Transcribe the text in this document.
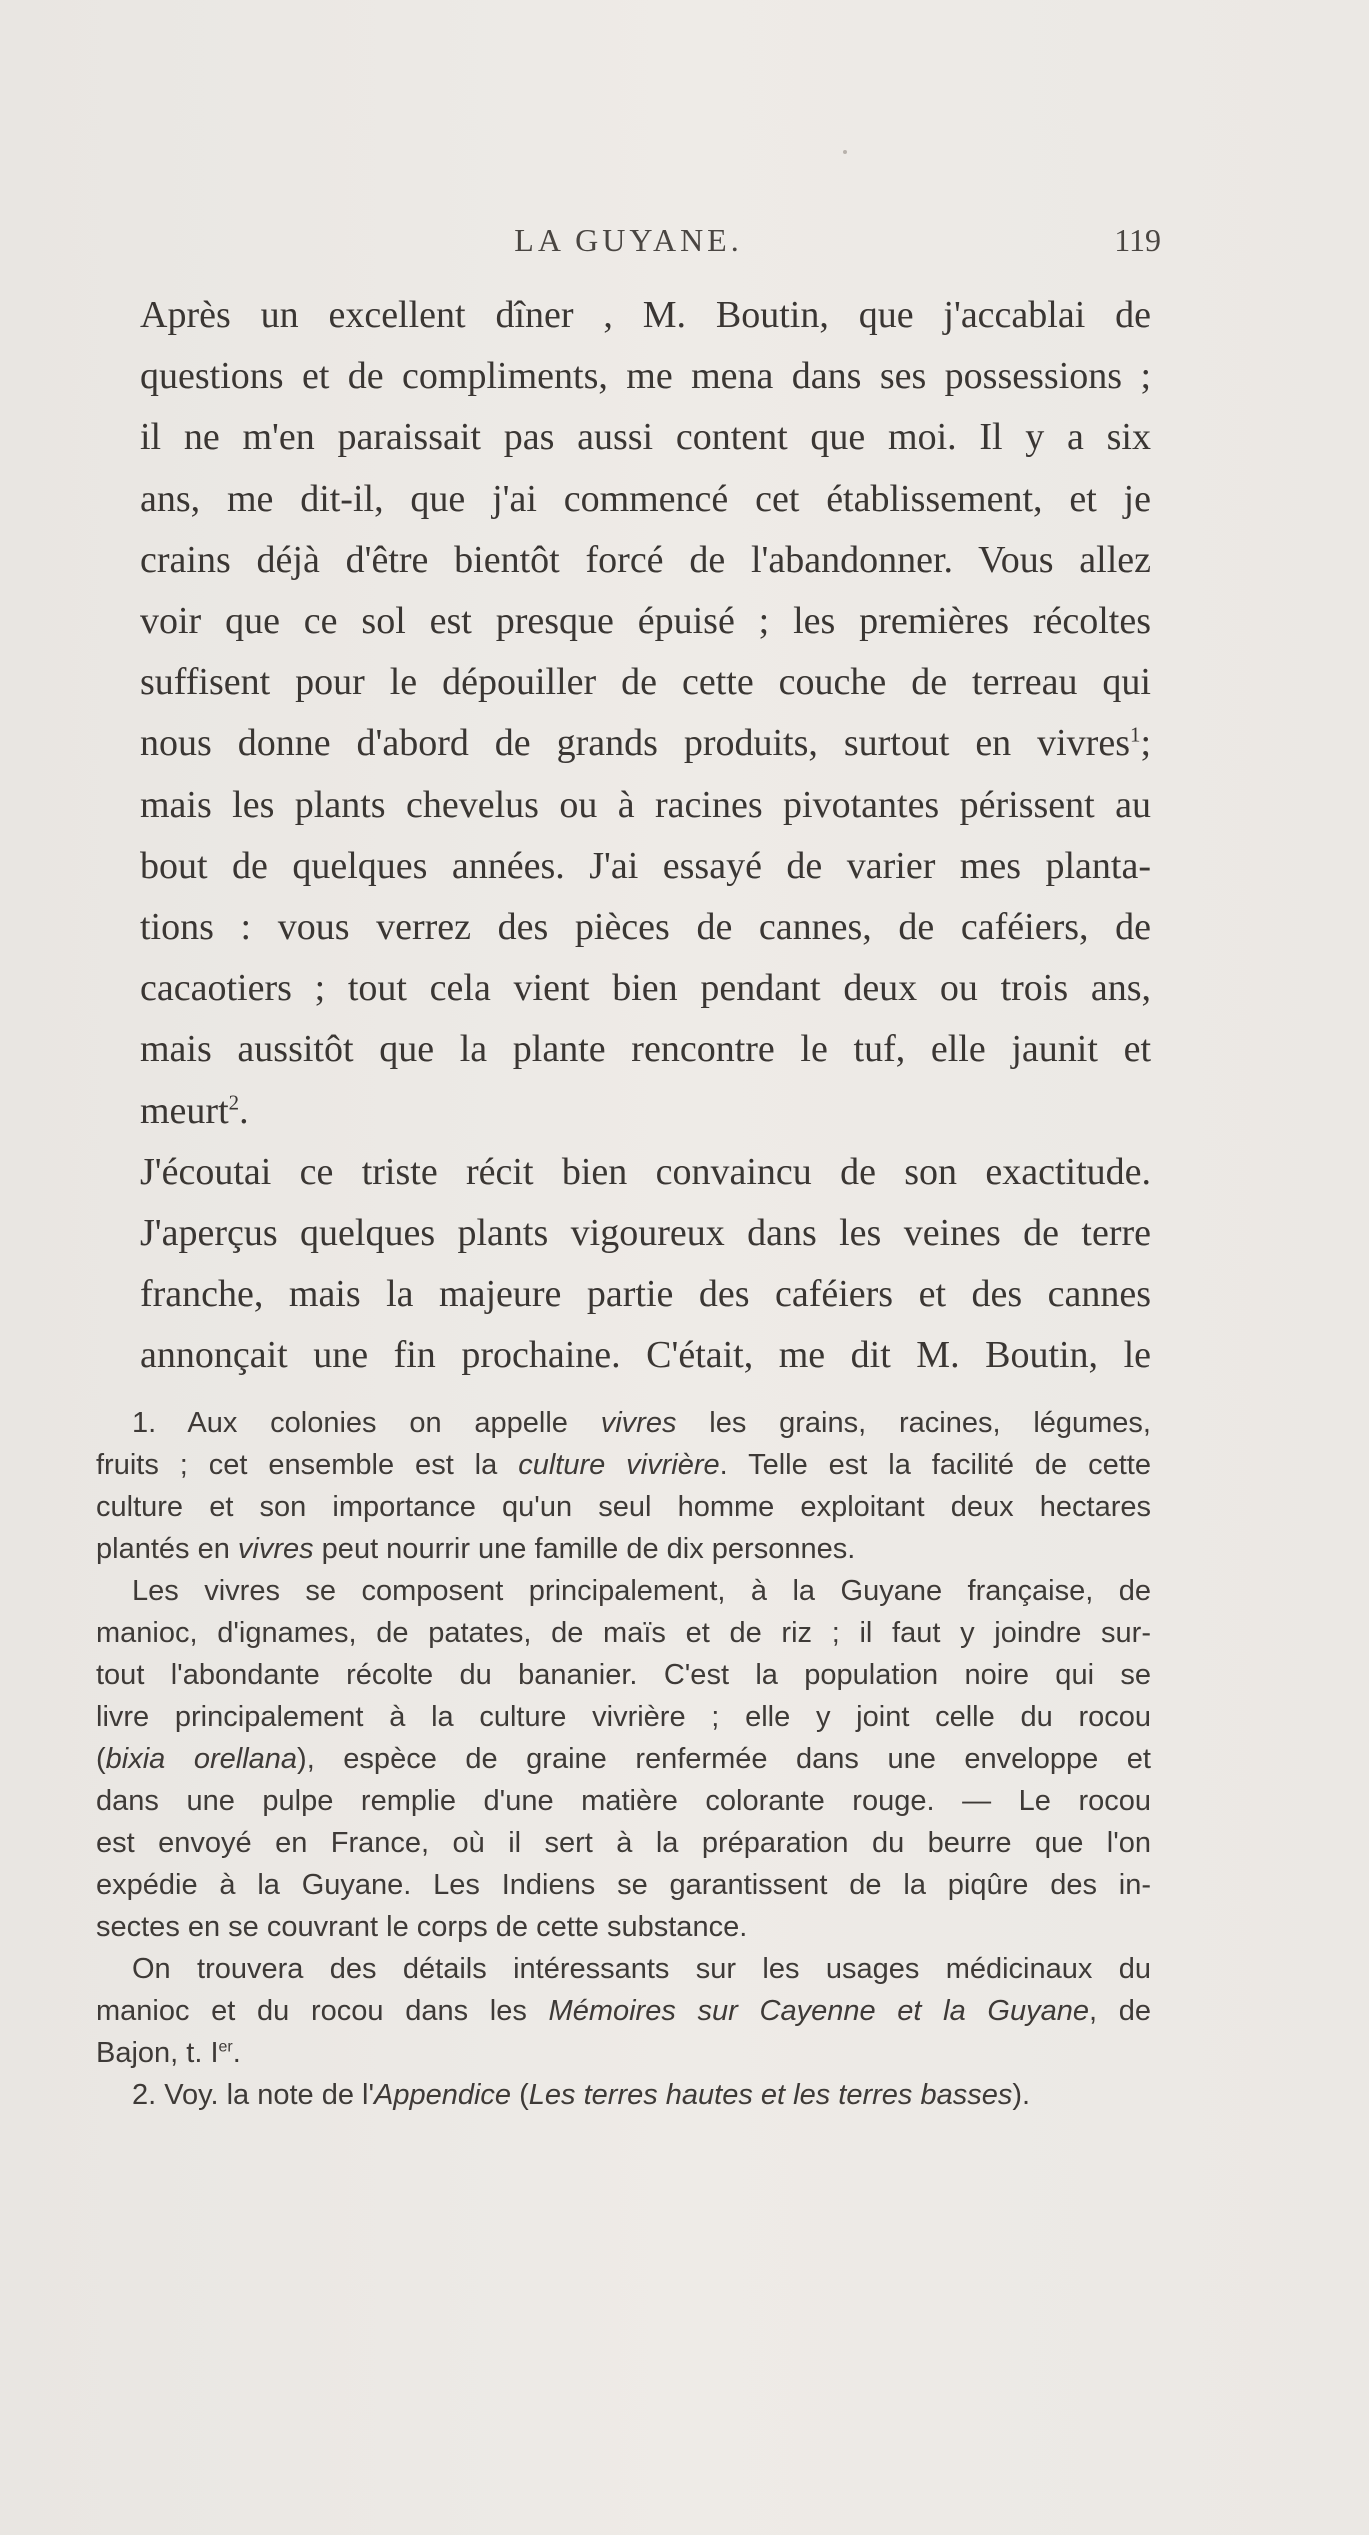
LA GUYANE.	119

Après un excellent dîner , M. Boutin, que j'accablai de
questions et de compliments, me mena dans ses possessions ;
il ne m'en paraissait pas aussi content que moi. Il y a six
ans, me dit-il, que j'ai commencé cet établissement, et je
crains déjà d'être bientôt forcé de l'abandonner. Vous allez
voir que ce sol est presque épuisé ; les premières récoltes
suffisent pour le dépouiller de cette couche de terreau qui
nous donne d'abord de grands produits, surtout en vivres$^1$;
mais les plants chevelus ou à racines pivotantes périssent au
bout de quelques années. J'ai essayé de varier mes planta-
tions : vous verrez des pièces de cannes, de caféiers, de
cacaotiers ; tout cela vient bien pendant deux ou trois ans,
mais aussitôt que la plante rencontre le tuf, elle jaunit et
meurt$^2$.

J'écoutai ce triste récit bien convaincu de son exactitude.
J'aperçus quelques plants vigoureux dans les veines de terre
franche, mais la majeure partie des caféiers et des cannes
annonçait une fin prochaine. C'était, me dit M. Boutin, le

1. Aux colonies on appelle vivres les grains, racines, légumes,
fruits ; cet ensemble est la culture vivrière. Telle est la facilité de cette
culture et son importance qu'un seul homme exploitant deux hectares
plantés en vivres peut nourrir une famille de dix personnes.
Les vivres se composent principalement, à la Guyane française, de
manioc, d'ignames, de patates, de maïs et de riz ; il faut y joindre sur-
tout l'abondante récolte du bananier. C'est la population noire qui se
livre principalement à la culture vivrière ; elle y joint celle du rocou
(bixia orellana), espèce de graine renfermée dans une enveloppe et
dans une pulpe remplie d'une matière colorante rouge. — Le rocou
est envoyé en France, où il sert à la préparation du beurre que l'on
expédie à la Guyane. Les Indiens se garantissent de la piqûre des in-
sectes en se couvrant le corps de cette substance.
On trouvera des détails intéressants sur les usages médicinaux du
manioc et du rocou dans les Mémoires sur Cayenne et la Guyane, de
Bajon, t. Ier.
2. Voy. la note de l'Appendice (Les terres hautes et les terres basses).
